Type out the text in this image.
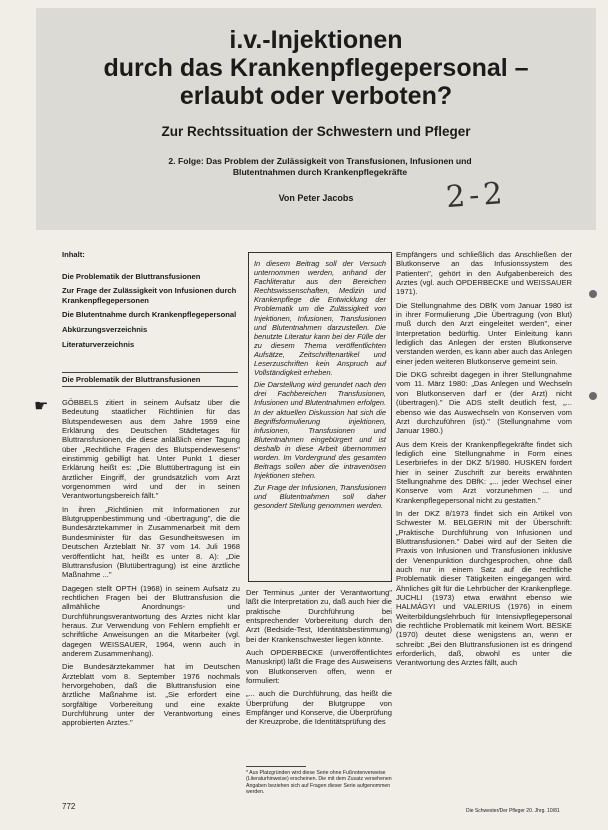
i.v.-Injektionen
durch das Krankenpflegepersonal –
erlaubt oder verboten?
Zur Rechtssituation der Schwestern und Pfleger
2. Folge: Das Problem der Zulässigkeit von Transfusionen, Infusionen und
Blutentnahmen durch Krankenpflegekräfte
Von Peter Jacobs	2-2
Inhalt:
Die Problematik der Bluttransfusionen
Zur Frage der Zulässigkeit von Infusionen durch Krankenpflegepersonen
Die Blutentnahme durch Krankenpflegepersonal
Abkürzungsverzeichnis
Literaturverzeichnis
Die Problematik der Bluttransfusionen
☛ GÖBBELS zitiert in seinem Aufsatz über die Bedeutung staatlicher Richtlinien für das Blutspendewesen aus dem Jahre 1959 eine Erklärung des Deutschen Städtetages für Bluttransfusionen, die diese anläßlich einer Tagung über „Rechtliche Fragen des Blutspendewesens" einstimmig gebilligt hat. Unter Punkt 1 dieser Erklärung heißt es: „Die Bluttübertragung ist ein ärztlicher Eingriff, der grundsätzlich vom Arzt vorgenommen wird und der in seinen Verantwortungsbereich fällt."

In ihren „Richtlinien mit Informationen zur Blutgruppenbestimmung und -übertragung", die die Bundesärztekammer in Zusammenarbeit mit dem Bundesminister für das Gesundheitswesen im Deutschen Ärzteblatt Nr. 37 vom 14. Juli 1968 veröffentlicht hat, heißt es unter 8. A): „Die Bluttransfusion (Blutübertragung) ist eine ärztliche Maßnahme ..."

Dagegen stellt OPTH (1968) in seinem Aufsatz zu rechtlichen Fragen bei der Bluttransfusion die allmähliche Anordnungs- und Durchführungsverantwortung des Arztes nicht klar heraus. Zur Verwendung von Fehlern empfiehlt er schriftliche Anweisungen an die Mitarbeiter (vgl. dagegen WEISSAUER, 1964, wenn auch in anderem Zusammenhang).

Die Bundesärztekammer hat im Deutschen Ärzteblatt vom 8. September 1976 nochmals hervorgehoben, daß die Bluttransfusion eine ärztliche Maßnahme ist. „Sie erfordert eine sorgfältige Vorbereitung und eine exakte Durchführung unter der Verantwortung eines approbierten Arztes."

In diesem Beitrag soll der Versuch unternommen werden, anhand der Fachliteratur aus den Bereichen Rechtswissenschaften, Medizin und Krankenpflege die Entwicklung der Problematik um die Zulässigkeit von Injektionen, Infusionen, Transfusionen und Blutentnahmen darzustellen. Die benutzte Literatur kann bei der Fülle der zu diesem Thema veröffentlichten Aufsätze, Zeitschriftenartikel und Leserzuschriften kein Anspruch auf Vollständigkeit erheben.

Die Darstellung wird gerundet nach den drei Fachbereichen Transfusionen, Infusionen und Blutentnahmen erfolgen. In der aktuellen Diskussion hat sich die Begriffsformulierung injektionen, infusionen, Transfusionen und Blutentnahmen eingebürgert und ist deshalb in diese Arbeit übernommen worden. Im Vordergrund des gesamten Beitrags sollen aber die intravenösen Injektionen stehen.

Zur Frage der Infusionen, Transfusionen und Blutentnahmen soll daher gesondert Stellung genommen werden.

Der Terminus „unter der Verantwortung" läßt die Interpretation zu, daß auch hier die praktische Durchführung bei entsprechender Vorbereitung durch den Arzt (Bedside-Test, Identitätsbestimmung) bei der Krankenschwester liegen könnte.

Auch OPDERBECKE (unveröffentlichtes Manuskript) läßt die Frage des Ausweisens von Blutkonserven offen, wenn er formuliert:

„... auch die Durchführung, das heißt die Überprüfung der Blutgruppe von Empfänger und Konserve, die Überprüfung der Kreuzprobe, die Identitätsprüfung des

* Aus Platzgründen wird diese Serie ohne Fußnotenverweise (Literaturhinweise) erscheinen. Die mit dem Zusatz versehenen Angaben beziehen sich auf Fragen dieser Serie aufgenommen werden.

Empfängers und schließlich das Anschließen der Blutkonserve an das Infusionssystem des Patienten", gehört in den Aufgabenbereich des Arztes (vgl. auch OPDERBECKE und WEISSAUER 1971).

Die Stellungnahme des DBfK vom Januar 1980 ist in ihrer Formulierung „Die Übertragung (von Blut) muß durch den Arzt eingeleitet werden", einer Interpretation bedürftig. Unter Einleitung kann lediglich das Anlegen der ersten Blutkonserve verstanden werden, es kann aber auch das Anlegen einer jeden weiteren Blutkonserve gemeint sein.

Die DKG schreibt dagegen in ihrer Stellungnahme vom 11. März 1980: „Das Anlegen und Wechseln von Blutkonserven darf er (der Arzt) nicht (übertragen)." Die ADS stellt deutlich fest, „... ebenso wie das Auswechseln von Konserven vom Arzt durchzuführen (ist)." (Stellungnahme vom Januar 1980.)

Aus dem Kreis der Krankenpflegekräfte findet sich lediglich eine Stellungnahme in Form eines Leserbriefes in der DKZ 5/1980. HUSKEN fordert hier in seiner Zuschrift zur bereits erwähnten Stellungnahme des DBfK: „... jeder Wechsel einer Konserve vom Arzt vorzunehmen ... und Krankenpflegepersonal nicht zu gestatten."

In der DKZ 8/1973 findet sich ein Artikel von Schwester M. BELGERIN mit der Überschrift: „Praktische Durchführung von Infusionen und Bluttransfusionen." Dabei wird auf der Seiten die Praxis von Infusionen und Transfusionen inklusive der Venenpunktion durchgesprochen, ohne daß auch nur in einem Satz auf die rechtliche Problematik dieser Tätigkeiten eingegangen wird. Ähnliches gilt für die Lehrbücher der Krankenpflege. JUCHLI (1973) etwa erwähnt ebenso wie HALMÁGYI und VALERIUS (1976) in einem Weiterbildungslehrbuch für Intensivpflegepersonal die rechtliche Problematik mit keinem Wort. BESKE (1970) deutet diese wenigstens an, wenn er schreibt: „Bei den Bluttransfusionen ist es dringend erforderlich, daß, obwohl es unter die Verantwortung des Arztes fällt, auch

772	Die Schwester/Der Pfleger 20. Jhrg. 10/81
